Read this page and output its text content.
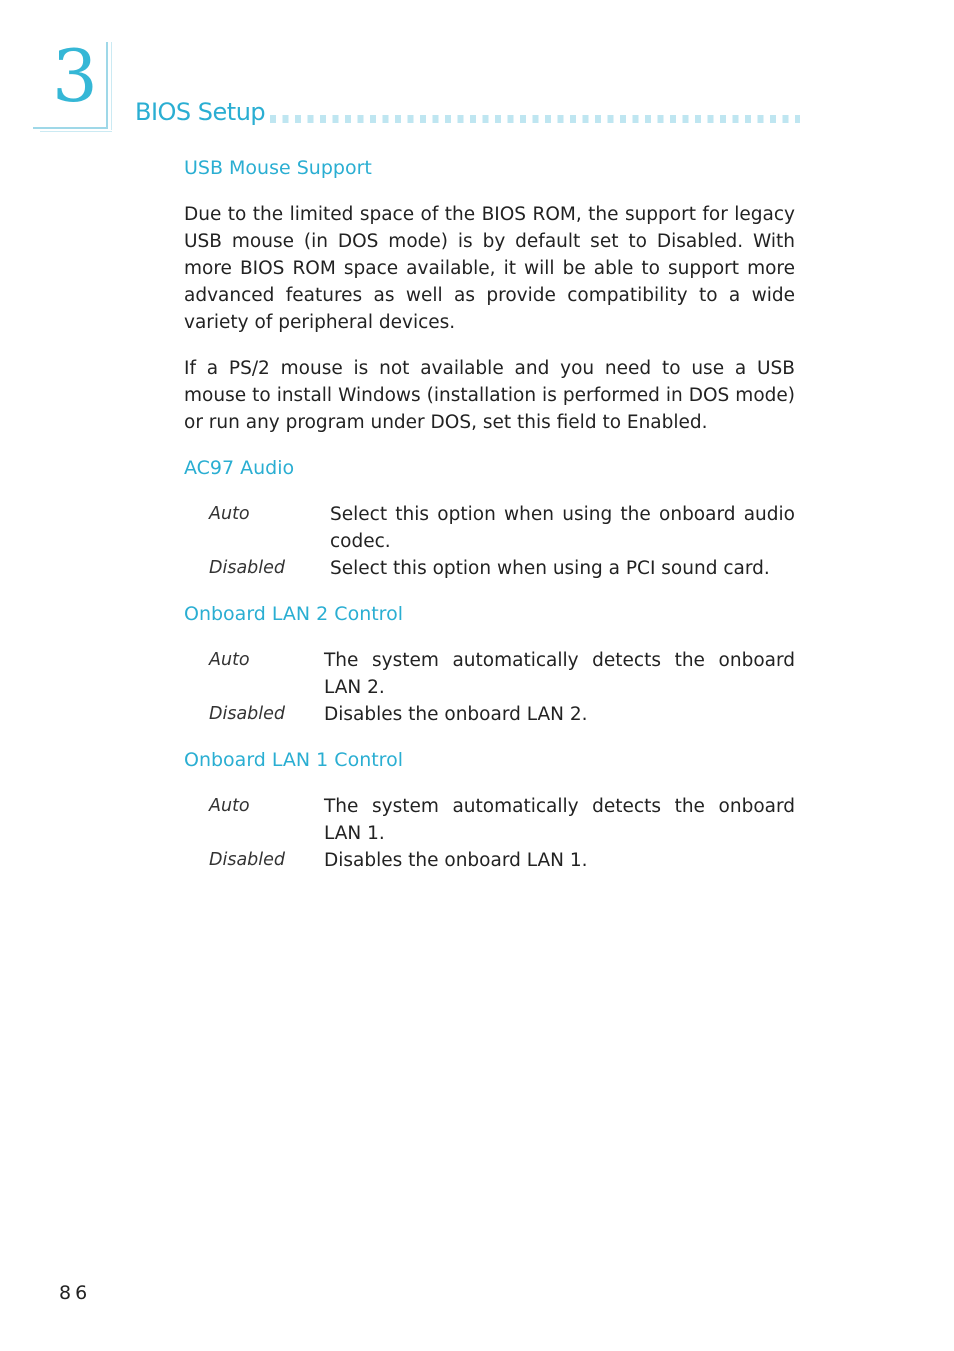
3 BIOS Setup
USB Mouse Support

Due to the limited space of the BIOS ROM, the support for legacy USB mouse (in DOS mode) is by default set to Disabled. With more BIOS ROM space available, it will be able to support more advanced features as well as provide compatibility to a wide variety of peripheral devices.

If a PS/2 mouse is not available and you need to use a USB mouse to install Windows (installation is performed in DOS mode) or run any program under DOS, set this field to Enabled.

AC97 Audio
Auto	Select this option when using the onboard audio codec.
Disabled	Select this option when using a PCI sound card.
Onboard LAN 2 Control
Auto	The system automatically detects the onboard LAN 2.
Disabled	Disables the onboard LAN 2.
Onboard LAN 1 Control
Auto	The system automatically detects the onboard LAN 1.
Disabled	Disables the onboard LAN 1.
86
